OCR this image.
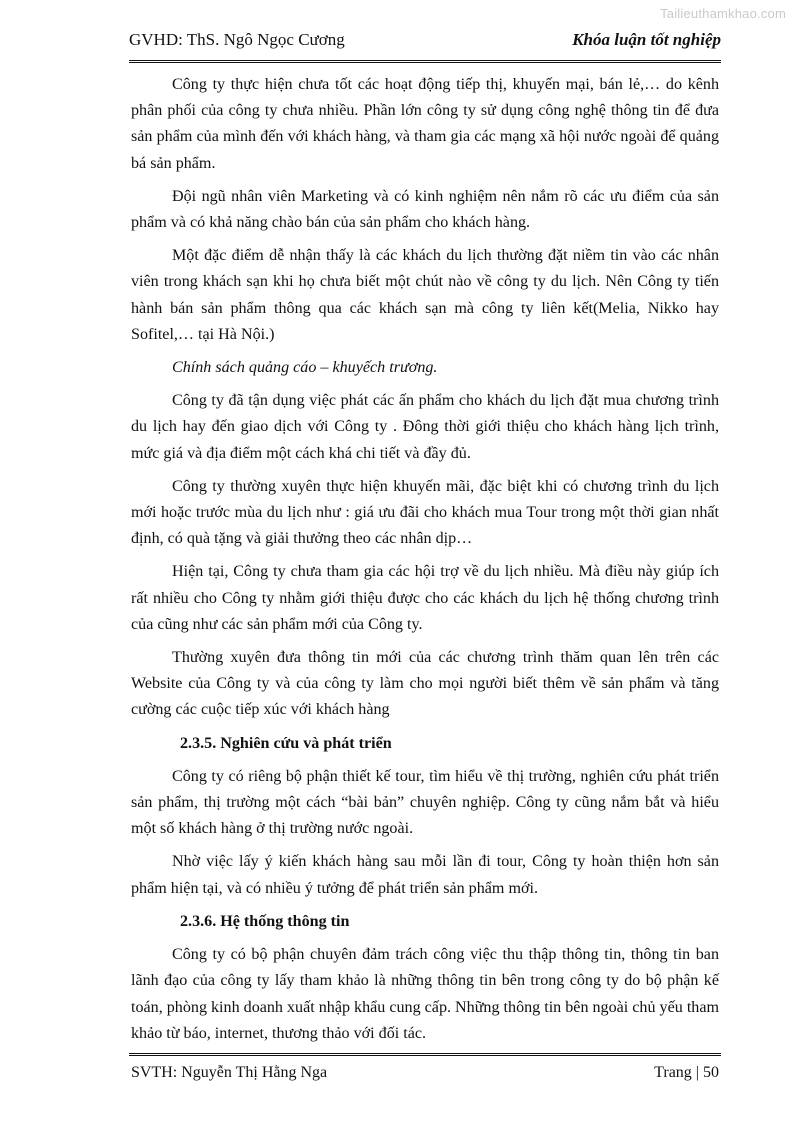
Tailieuthamkhao.com
GVHD: ThS. Ngô Ngọc Cương	Khóa luận tốt nghiệp

Công ty thực hiện chưa tốt các hoạt động tiếp thị, khuyến mại, bán lẻ,… do kênh phân phối của công ty chưa nhiều. Phần lớn công ty sử dụng công nghệ thông tin để đưa sản phẩm của mình đến với khách hàng, và tham gia các mạng xã hội nước ngoài để quảng bá sản phẩm.

Đội ngũ nhân viên Marketing và có kinh nghiệm nên nắm rõ các ưu điểm của sản phẩm và có khả năng chào bán của sản phẩm cho khách hàng.

Một đặc điểm dễ nhận thấy là các khách du lịch thường đặt niềm tin vào các nhân viên trong khách sạn khi họ chưa biết một chút nào về công ty du lịch. Nên Công ty tiến hành bán sản phẩm thông qua các khách sạn mà công ty liên kết(Melia, Nikko hay Sofitel,… tại Hà Nội.)

Chính sách quảng cáo – khuyếch trương.

Công ty đã tận dụng việc phát các ấn phẩm cho khách du lịch đặt mua chương trình du lịch hay đến giao dịch với Công ty . Đông thời giới thiệu cho khách hàng lịch trình, mức giá và địa điểm một cách khá chi tiết và đầy đủ.

Công ty thường xuyên thực hiện khuyến mãi, đặc biệt khi có chương trình du lịch mới hoặc trước mùa du lịch như : giá ưu đãi cho khách mua Tour trong một thời gian nhất định, có quà tặng và giải thưởng theo các nhân dịp…

Hiện tại, Công ty chưa tham gia các hội trợ về du lịch nhiều. Mà điều này giúp ích rất nhiều cho Công ty nhằm giới thiệu được cho các khách du lịch hệ thống chương trình của cũng như các sản phẩm mới của Công ty.

Thường xuyên đưa thông tin mới của các chương trình thăm quan lên trên các Website của Công ty và của công ty làm cho mọi người biết thêm về sản phẩm và tăng cường các cuộc tiếp xúc với khách hàng

2.3.5. Nghiên cứu và phát triển

Công ty có riêng bộ phận thiết kế tour, tìm hiểu về thị trường, nghiên cứu phát triển sản phẩm, thị trường một cách “bài bản” chuyên nghiệp. Công ty cũng nắm bắt và hiểu một số khách hàng ở thị trường nước ngoài.

Nhờ việc lấy ý kiến khách hàng sau mỗi lần đi tour, Công ty hoàn thiện hơn sản phẩm hiện tại, và có nhiều ý tưởng để phát triển sản phẩm mới.

2.3.6. Hệ thống thông tin

Công ty có bộ phận chuyên đảm trách công việc thu thập thông tin, thông tin ban lãnh đạo của công ty lấy tham khảo là những thông tin bên trong công ty do bộ phận kế toán, phòng kinh doanh xuất nhập khẩu cung cấp. Những thông tin bên ngoài chủ yếu tham khảo từ báo, internet, thương thảo với đối tác.

SVTH: Nguyễn Thị Hằng Nga	Trang | 50
